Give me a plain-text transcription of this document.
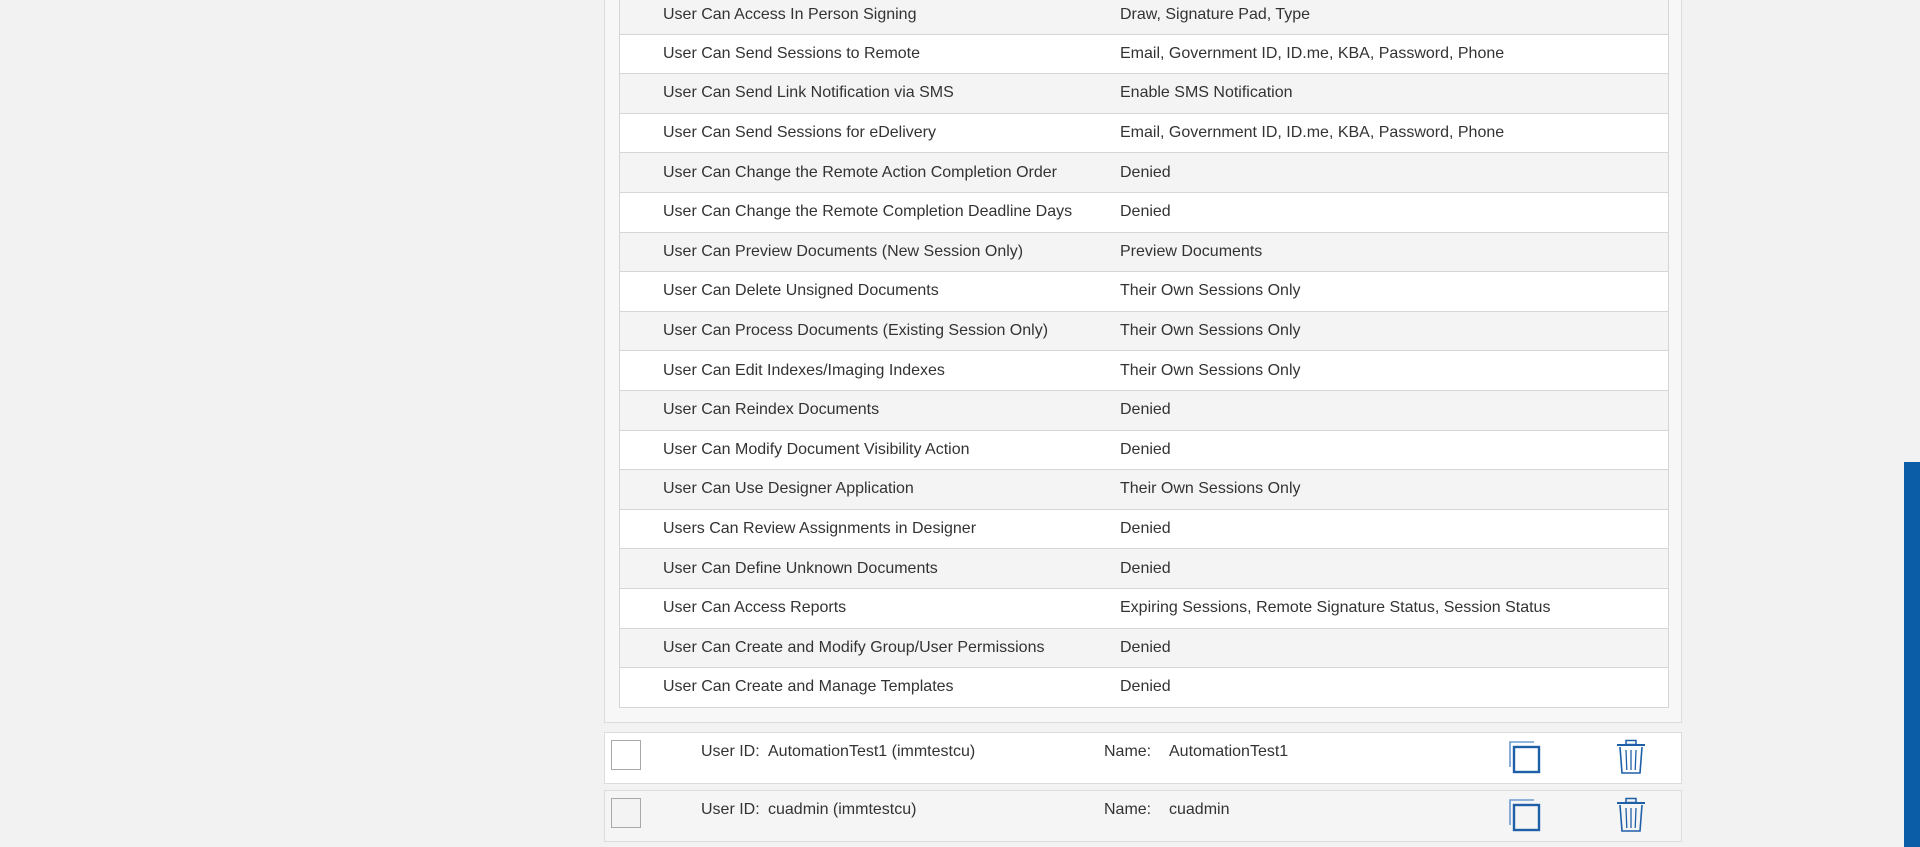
User Can Access In Person Signing	Draw, Signature Pad, Type
User Can Send Sessions to Remote	Email, Government ID, ID.me, KBA, Password, Phone
User Can Send Link Notification via SMS	Enable SMS Notification
User Can Send Sessions for eDelivery	Email, Government ID, ID.me, KBA, Password, Phone
User Can Change the Remote Action Completion Order	Denied
User Can Change the Remote Completion Deadline Days	Denied
User Can Preview Documents (New Session Only)	Preview Documents
User Can Delete Unsigned Documents	Their Own Sessions Only
User Can Process Documents (Existing Session Only)	Their Own Sessions Only
User Can Edit Indexes/Imaging Indexes	Their Own Sessions Only
User Can Reindex Documents	Denied
User Can Modify Document Visibility Action	Denied
User Can Use Designer Application	Their Own Sessions Only
Users Can Review Assignments in Designer	Denied
User Can Define Unknown Documents	Denied
User Can Access Reports	Expiring Sessions, Remote Signature Status, Session Status
User Can Create and Modify Group/User Permissions	Denied
User Can Create and Manage Templates	Denied
User ID: AutomationTest1 (immtestcu)	Name: AutomationTest1
User ID: cuadmin (immtestcu)	Name: cuadmin
